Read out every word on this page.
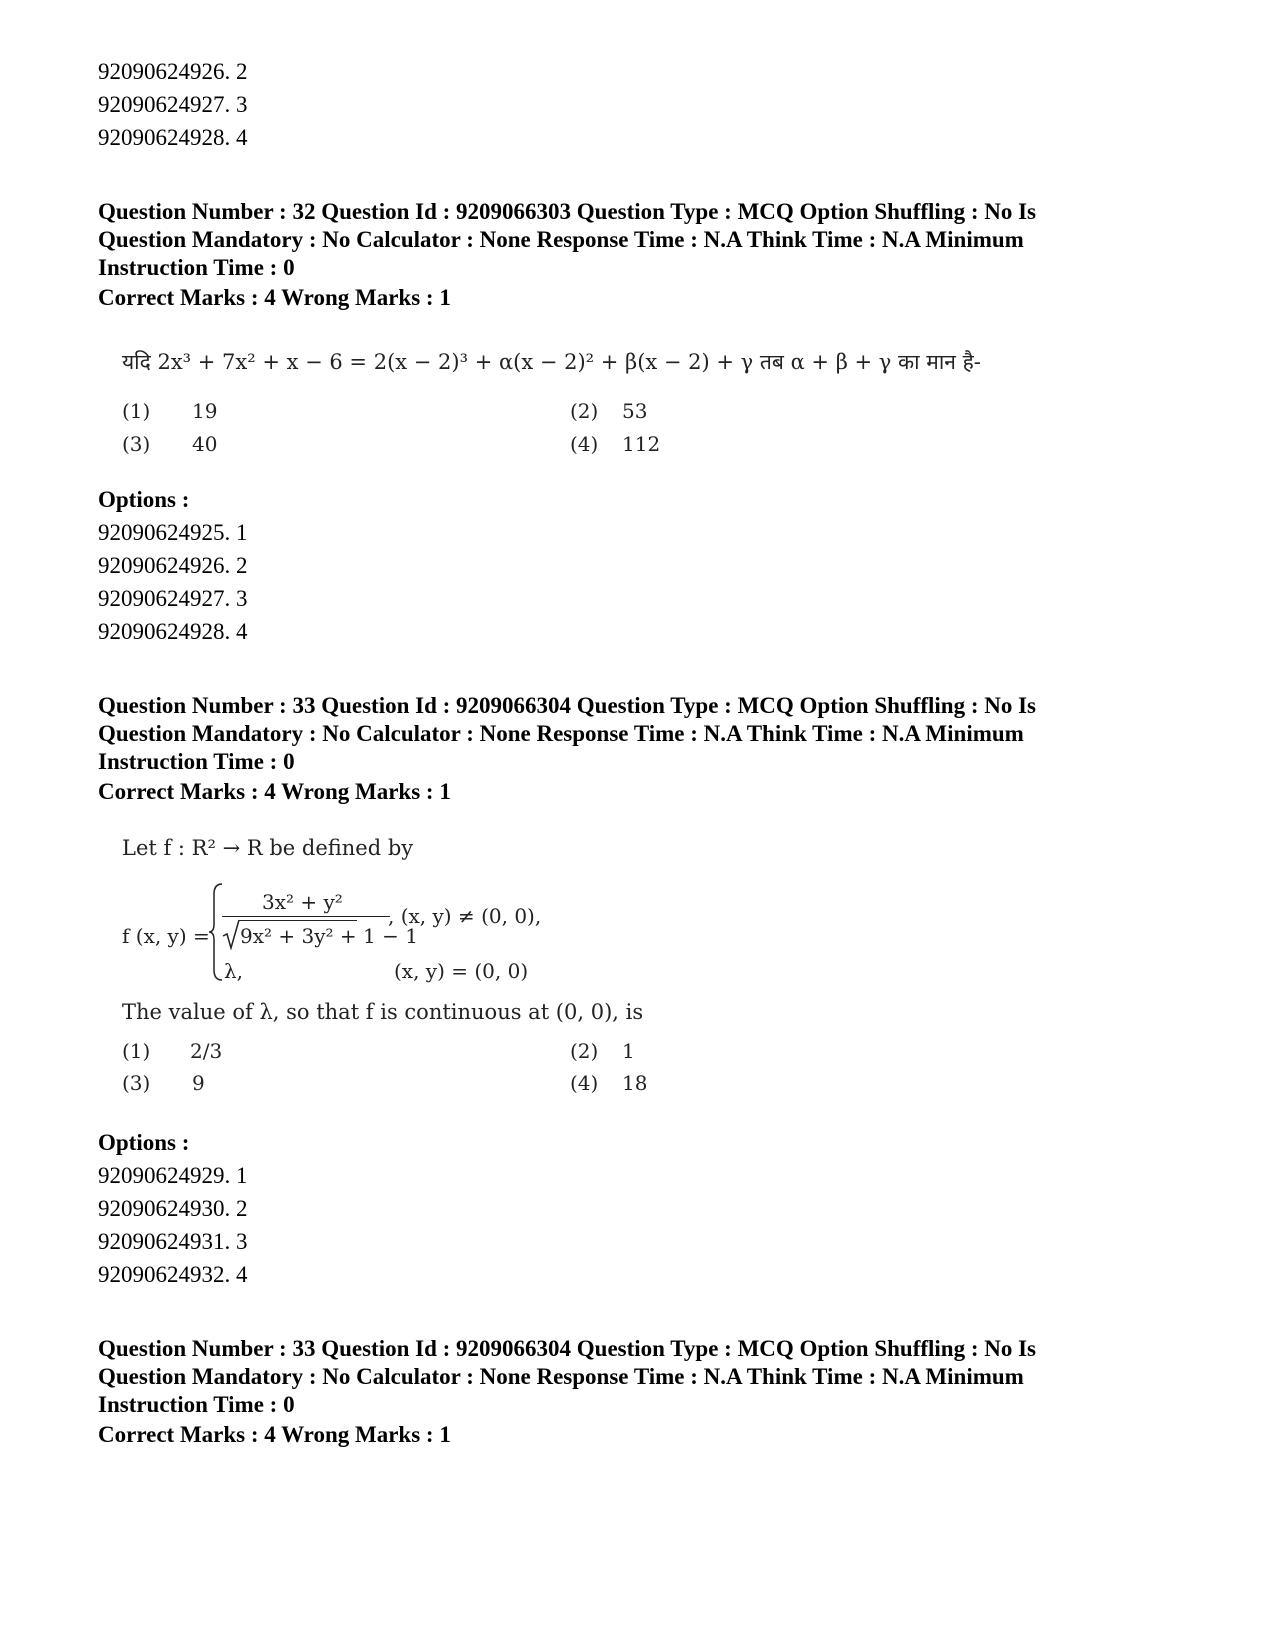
92090624926. 2
92090624927. 3
92090624928. 4
Question Number : 32 Question Id : 9209066303 Question Type : MCQ Option Shuffling : No Is
Question Mandatory : No Calculator : None Response Time : N.A Think Time : N.A Minimum
Instruction Time : 0
Correct Marks : 4 Wrong Marks : 1
यदि 2x³ + 7x² + x − 6 = 2(x − 2)³ + α(x − 2)² + β(x − 2) + γ तब α + β + γ का मान है-
(1) 19	(2) 53
(3) 40	(4) 112
Options :
92090624925. 1
92090624926. 2
92090624927. 3
92090624928. 4
Question Number : 33 Question Id : 9209066304 Question Type : MCQ Option Shuffling : No Is
Question Mandatory : No Calculator : None Response Time : N.A Think Time : N.A Minimum
Instruction Time : 0
Correct Marks : 4 Wrong Marks : 1
Let f : R² → R be defined by
f (x, y) =
3x² + y²
9x² + 3y² + 1 − 1
, (x, y) ≠ (0, 0),
λ,	(x, y) = (0, 0)
The value of λ, so that f is continuous at (0, 0), is
(1) 2/3	(2) 1
(3) 9	(4) 18
Options :
92090624929. 1
92090624930. 2
92090624931. 3
92090624932. 4
Question Number : 33 Question Id : 9209066304 Question Type : MCQ Option Shuffling : No Is
Question Mandatory : No Calculator : None Response Time : N.A Think Time : N.A Minimum
Instruction Time : 0
Correct Marks : 4 Wrong Marks : 1
